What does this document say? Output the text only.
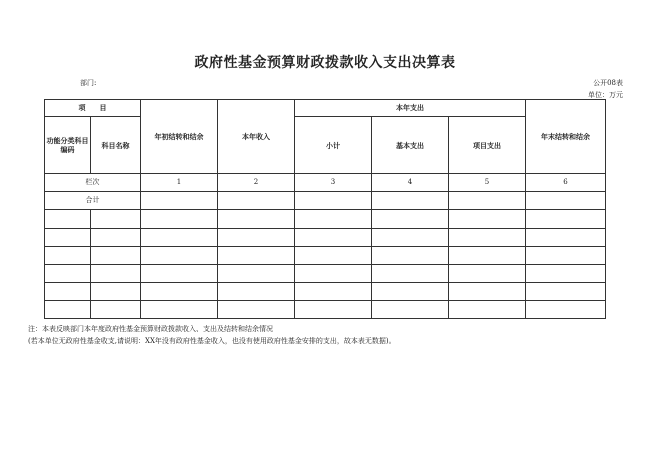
政府性基金预算财政拨款收入支出决算表
部门:	公开08表
单位：万元
项　　目		年初结转和结余	本年收入	本年支出			年末结转和结余
功能分类科目编码	科目名称			小计	基本支出	项目支出	

栏次		1	2	3	4	5	6
合计							

注：本表反映部门本年度政府性基金预算财政拨款收入、支出及结转和结余情况
(若本单位无政府性基金收支,请说明：XX年没有政府性基金收入，也没有使用政府性基金安排的支出，故本表无数据)。
